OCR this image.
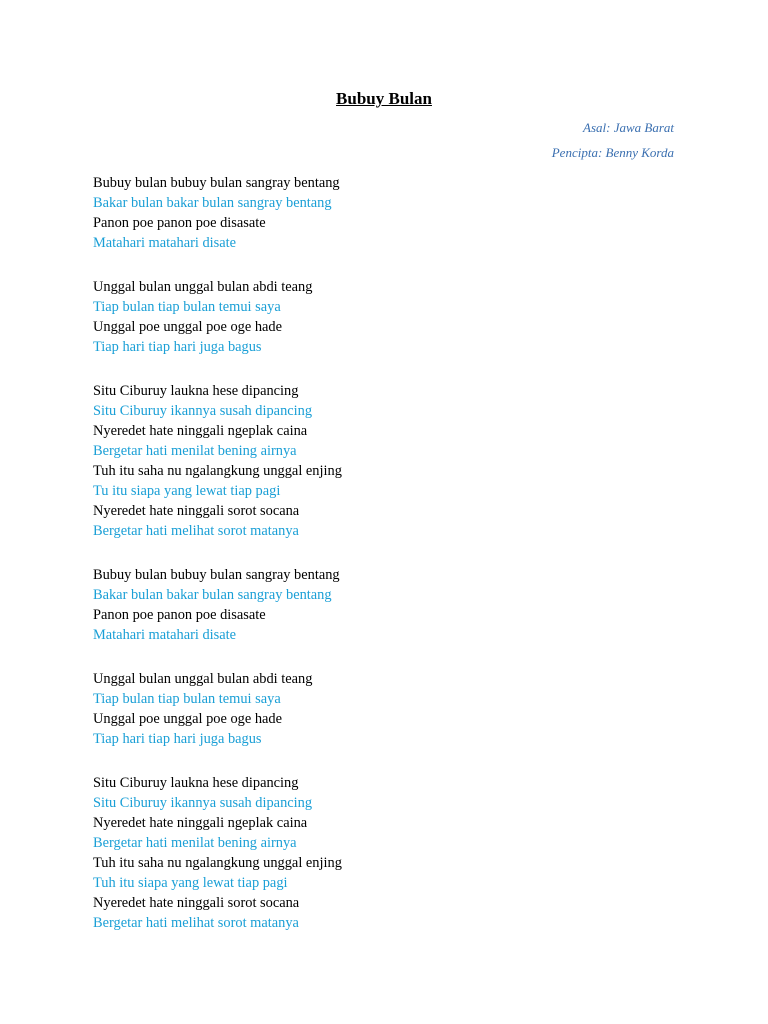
Bubuy Bulan
Asal: Jawa Barat
Pencipta: Benny Korda
Bubuy bulan bubuy bulan sangray bentang
Bakar bulan bakar bulan sangray bentang
Panon poe panon poe disasate
Matahari matahari disate
Unggal bulan unggal bulan abdi teang
Tiap bulan tiap bulan temui saya
Unggal poe unggal poe oge hade
Tiap hari tiap hari juga bagus
Situ Ciburuy laukna hese dipancing
Situ Ciburuy ikannya susah dipancing
Nyeredet hate ninggali ngeplak caina
Bergetar hati menilat bening airnya
Tuh itu saha nu ngalangkung unggal enjing
Tu itu siapa yang lewat tiap pagi
Nyeredet hate ninggali sorot socana
Bergetar hati melihat sorot matanya
Bubuy bulan bubuy bulan sangray bentang
Bakar bulan bakar bulan sangray bentang
Panon poe panon poe disasate
Matahari matahari disate
Unggal bulan unggal bulan abdi teang
Tiap bulan tiap bulan temui saya
Unggal poe unggal poe oge hade
Tiap hari tiap hari juga bagus
Situ Ciburuy laukna hese dipancing
Situ Ciburuy ikannya susah dipancing
Nyeredet hate ninggali ngeplak caina
Bergetar hati menilat bening airnya
Tuh itu saha nu ngalangkung unggal enjing
Tuh itu siapa yang lewat tiap pagi
Nyeredet hate ninggali sorot socana
Bergetar hati melihat sorot matanya
